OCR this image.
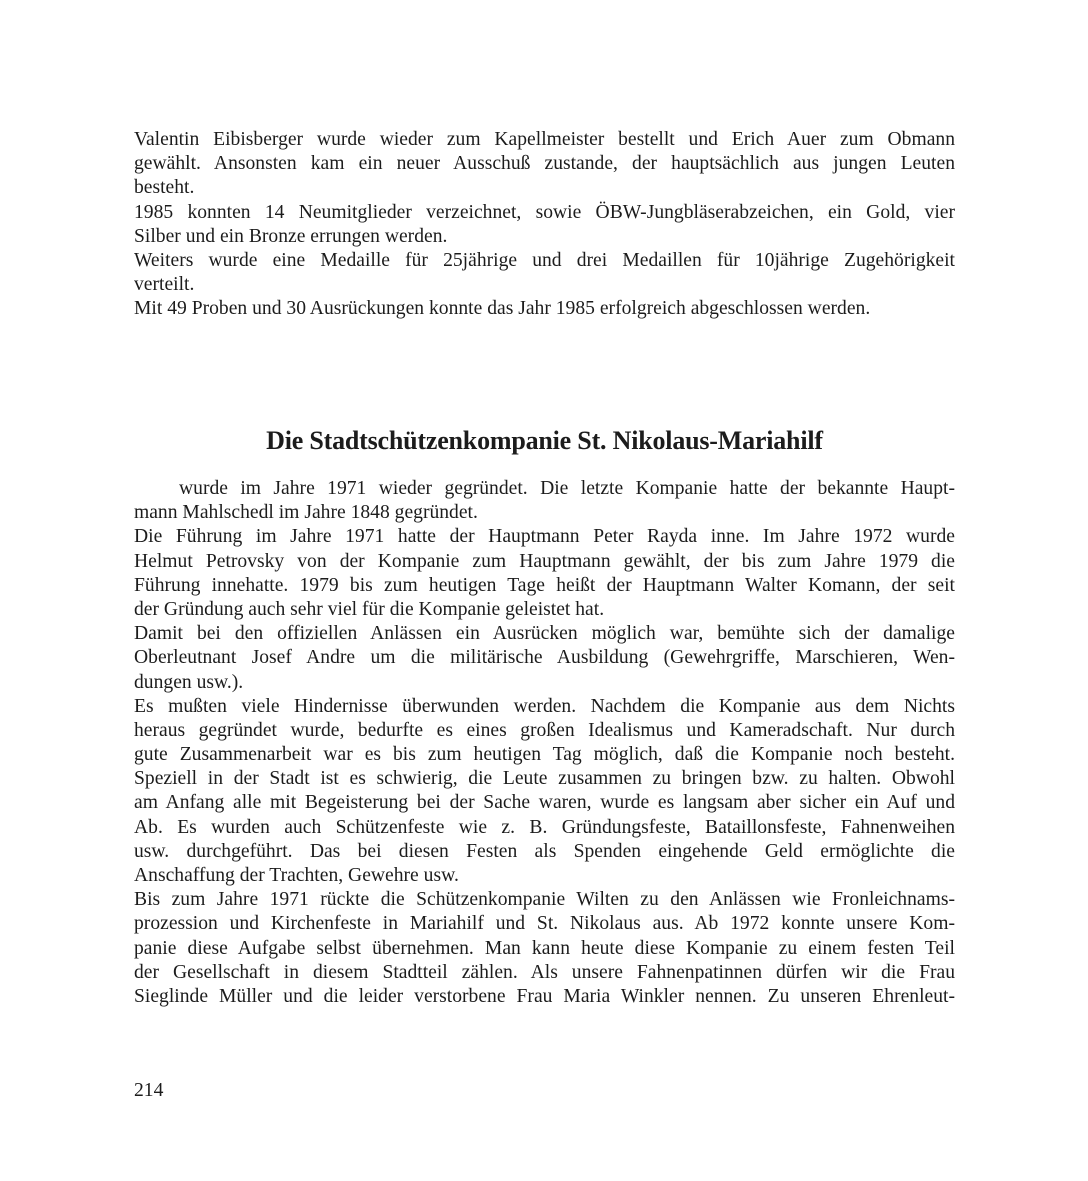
Valentin Eibisberger wurde wieder zum Kapellmeister bestellt und Erich Auer zum Obmann
gewählt. Ansonsten kam ein neuer Ausschuß zustande, der hauptsächlich aus jungen Leuten
besteht.
1985 konnten 14 Neumitglieder verzeichnet, sowie ÖBW-Jungbläserabzeichen, ein Gold, vier
Silber und ein Bronze errungen werden.
Weiters wurde eine Medaille für 25jährige und drei Medaillen für 10jährige Zugehörigkeit
verteilt.
Mit 49 Proben und 30 Ausrückungen konnte das Jahr 1985 erfolgreich abgeschlossen werden.
Die Stadtschützenkompanie St. Nikolaus-Mariahilf
wurde im Jahre 1971 wieder gegründet. Die letzte Kompanie hatte der bekannte Haupt-
mann Mahlschedl im Jahre 1848 gegründet.
Die Führung im Jahre 1971 hatte der Hauptmann Peter Rayda inne. Im Jahre 1972 wurde
Helmut Petrovsky von der Kompanie zum Hauptmann gewählt, der bis zum Jahre 1979 die
Führung innehatte. 1979 bis zum heutigen Tage heißt der Hauptmann Walter Komann, der seit
der Gründung auch sehr viel für die Kompanie geleistet hat.
Damit bei den offiziellen Anlässen ein Ausrücken möglich war, bemühte sich der damalige
Oberleutnant Josef Andre um die militärische Ausbildung (Gewehrgriffe, Marschieren, Wen-
dungen usw.).
Es mußten viele Hindernisse überwunden werden. Nachdem die Kompanie aus dem Nichts
heraus gegründet wurde, bedurfte es eines großen Idealismus und Kameradschaft. Nur durch
gute Zusammenarbeit war es bis zum heutigen Tag möglich, daß die Kompanie noch besteht.
Speziell in der Stadt ist es schwierig, die Leute zusammen zu bringen bzw. zu halten. Obwohl
am Anfang alle mit Begeisterung bei der Sache waren, wurde es langsam aber sicher ein Auf und
Ab. Es wurden auch Schützenfeste wie z. B. Gründungsfeste, Bataillonsfeste, Fahnenweihen
usw. durchgeführt. Das bei diesen Festen als Spenden eingehende Geld ermöglichte die
Anschaffung der Trachten, Gewehre usw.
Bis zum Jahre 1971 rückte die Schützenkompanie Wilten zu den Anlässen wie Fronleichnams-
prozession und Kirchenfeste in Mariahilf und St. Nikolaus aus. Ab 1972 konnte unsere Kom-
panie diese Aufgabe selbst übernehmen. Man kann heute diese Kompanie zu einem festen Teil
der Gesellschaft in diesem Stadtteil zählen. Als unsere Fahnenpatinnen dürfen wir die Frau
Sieglinde Müller und die leider verstorbene Frau Maria Winkler nennen. Zu unseren Ehrenleut-
214
